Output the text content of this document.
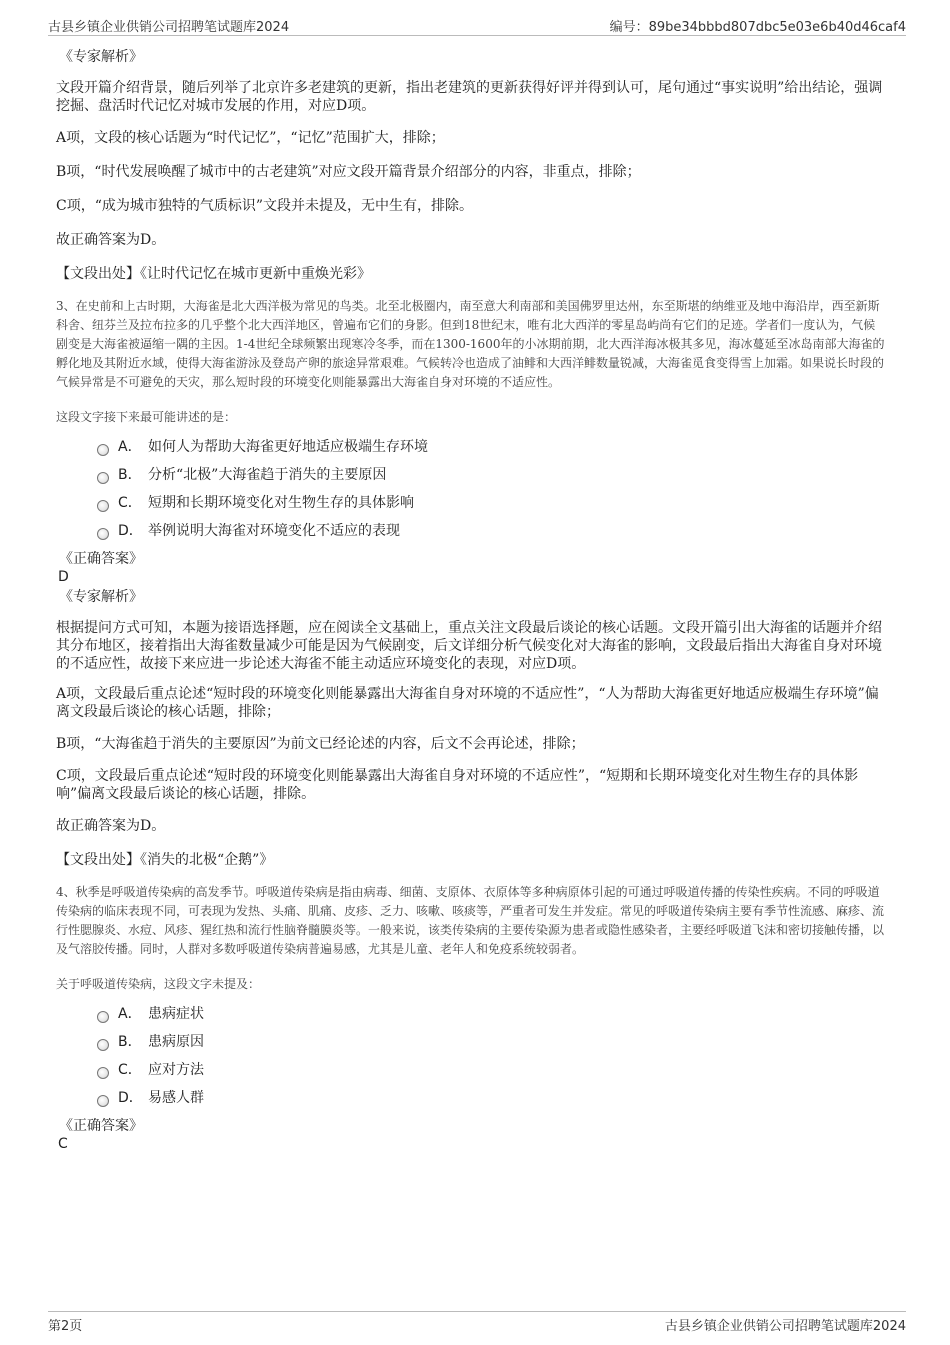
古县乡镇企业供销公司招聘笔试题库2024	编号：89be34bbbd807dbc5e03e6b40d46caf4

《专家解析》

文段开篇介绍背景，随后列举了北京许多老建筑的更新，指出老建筑的更新获得好评并得到认可，尾句通过“事实说明”给出结论，强调挖掘、盘活时代记忆对城市发展的作用，对应D项。

A项，文段的核心话题为“时代记忆”，“记忆”范围扩大，排除；

B项，“时代发展唤醒了城市中的古老建筑”对应文段开篇背景介绍部分的内容，非重点，排除；

C项，“成为城市独特的气质标识”文段并未提及，无中生有，排除。

故正确答案为D。

【文段出处】《让时代记忆在城市更新中重焕光彩》

3、在史前和上古时期，大海雀是北大西洋极为常见的鸟类。北至北极圈内，南至意大利南部和美国佛罗里达州，东至斯堪的纳维亚及地中海沿岸，西至新斯科舍、纽芬兰及拉布拉多的几乎整个北大西洋地区，曾遍布它们的身影。但到18世纪末，唯有北大西洋的零星岛屿尚有它们的足迹。学者们一度认为，气候剧变是大海雀被逼缩一隅的主因。1-4世纪全球频繁出现寒冷冬季，而在1300-1600年的小冰期前期，北大西洋海冰极其多见，海冰蔓延至冰岛南部大海雀的孵化地及其附近水域，使得大海雀游泳及登岛产卵的旅途异常艰难。气候转冷也造成了油鲱和大西洋鲱数量锐减，大海雀觅食变得雪上加霜。如果说长时段的气候异常是不可避免的天灾，那么短时段的环境变化则能暴露出大海雀自身对环境的不适应性。

这段文字接下来最可能讲述的是：

A． 如何人为帮助大海雀更好地适应极端生存环境
B． 分析“北极”大海雀趋于消失的主要原因
C． 短期和长期环境变化对生物生存的具体影响
D． 举例说明大海雀对环境变化不适应的表现

《正确答案》

D

《专家解析》

根据提问方式可知，本题为接语选择题，应在阅读全文基础上，重点关注文段最后谈论的核心话题。文段开篇引出大海雀的话题并介绍其分布地区，接着指出大海雀数量减少可能是因为气候剧变，后文详细分析气候变化对大海雀的影响，文段最后指出大海雀自身对环境的不适应性，故接下来应进一步论述大海雀不能主动适应环境变化的表现，对应D项。

A项，文段最后重点论述“短时段的环境变化则能暴露出大海雀自身对环境的不适应性”，“人为帮助大海雀更好地适应极端生存环境”偏离文段最后谈论的核心话题，排除；

B项，“大海雀趋于消失的主要原因”为前文已经论述的内容，后文不会再论述，排除；

C项，文段最后重点论述“短时段的环境变化则能暴露出大海雀自身对环境的不适应性”，“短期和长期环境变化对生物生存的具体影响”偏离文段最后谈论的核心话题，排除。

故正确答案为D。

【文段出处】《消失的北极“企鹅”》

4、秋季是呼吸道传染病的高发季节。呼吸道传染病是指由病毒、细菌、支原体、衣原体等多种病原体引起的可通过呼吸道传播的传染性疾病。不同的呼吸道传染病的临床表现不同，可表现为发热、头痛、肌痛、皮疹、乏力、咳嗽、咳痰等，严重者可发生并发症。常见的呼吸道传染病主要有季节性流感、麻疹、流行性腮腺炎、水痘、风疹、猩红热和流行性脑脊髓膜炎等。一般来说，该类传染病的主要传染源为患者或隐性感染者，主要经呼吸道飞沫和密切接触传播，以及气溶胶传播。同时，人群对多数呼吸道传染病普遍易感，尤其是儿童、老年人和免疫系统较弱者。

关于呼吸道传染病，这段文字未提及：

A． 患病症状
B． 患病原因
C． 应对方法
D． 易感人群

《正确答案》

C

第2页	古县乡镇企业供销公司招聘笔试题库2024
